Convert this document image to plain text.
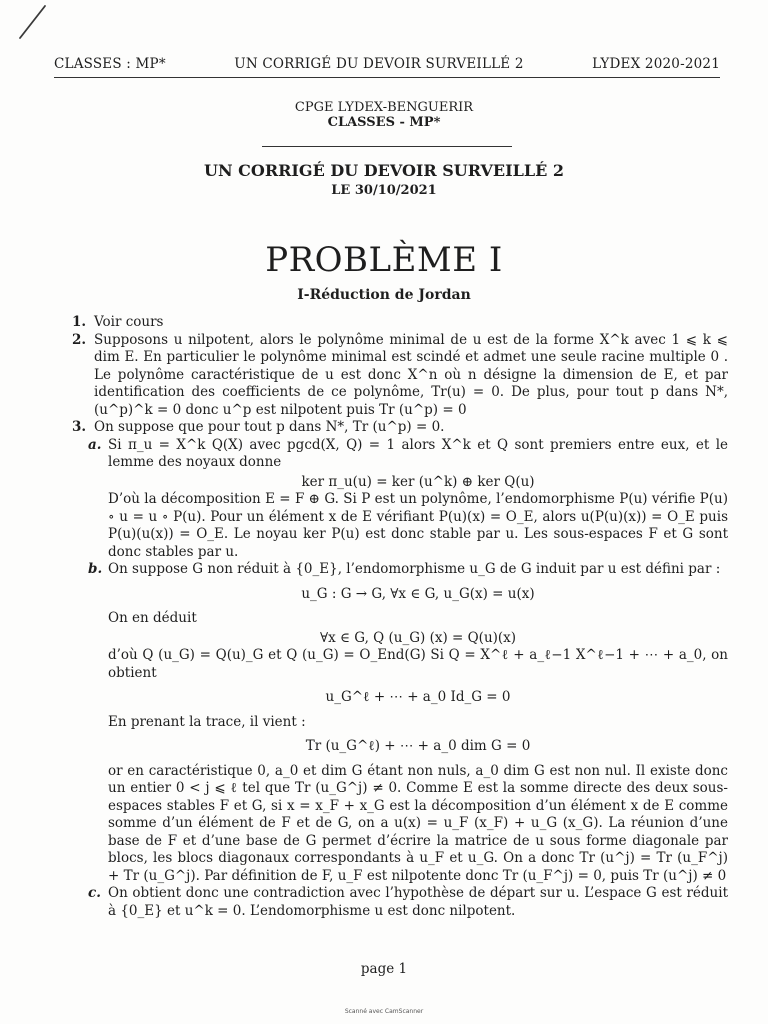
CLASSES : MP*	UN CORRIGÉ DU DEVOIR SURVEILLÉ 2	LYDEX 2020-2021
CPGE LYDEX-BENGUERIR
CLASSES - MP*
UN CORRIGÉ DU DEVOIR SURVEILLÉ 2
LE 30/10/2021
PROBLÈME I
I-Réduction de Jordan
1. Voir cours

2. Supposons u nilpotent, alors le polynôme minimal de u est de la forme X^k avec 1 ⩽ k ⩽ dim E. En particulier le polynôme minimal est scindé et admet une seule racine multiple 0 . Le polynôme caractéristique de u est donc X^n où n désigne la dimension de E, et par identification des coefficients de ce polynôme, Tr(u) = 0. De plus, pour tout p dans N*, (u^p)^k = 0 donc u^p est nilpotent puis Tr (u^p) = 0

3. On suppose que pour tout p dans N*, Tr (u^p) = 0.

a. Si π_u = X^k Q(X) avec pgcd(X, Q) = 1 alors X^k et Q sont premiers entre eux, et le lemme des noyaux donne

ker π_u(u) = ker (u^k) ⊕ ker Q(u)

D’où la décomposition E = F ⊕ G. Si P est un polynôme, l’endomorphisme P(u) vérifie P(u) ∘ u = u ∘ P(u). Pour un élément x de E vérifiant P(u)(x) = O_E, alors u(P(u)(x)) = O_E puis P(u)(u(x)) = O_E. Le noyau ker P(u) est donc stable par u. Les sous-espaces F et G sont donc stables par u.

b. On suppose G non réduit à {0_E}, l’endomorphisme u_G de G induit par u est défini par :

u_G : G → G, ∀x ∈ G, u_G(x) = u(x)

On en déduit

∀x ∈ G, Q (u_G) (x) = Q(u)(x)

d’où Q (u_G) = Q(u)_G et Q (u_G) = O_End(G) Si Q = X^ℓ + a_ℓ−1 X^ℓ−1 + ⋯ + a_0, on obtient

u_G^ℓ + ⋯ + a_0 Id_G = 0

En prenant la trace, il vient :

Tr (u_G^ℓ) + ⋯ + a_0 dim G = 0

or en caractéristique 0, a_0 et dim G étant non nuls, a_0 dim G est non nul. Il existe donc un entier 0 < j ⩽ ℓ tel que Tr (u_G^j) ≠ 0. Comme E est la somme directe des deux sous-espaces stables F et G, si x = x_F + x_G est la décomposition d’un élément x de E comme somme d’un élément de F et de G, on a u(x) = u_F (x_F) + u_G (x_G). La réunion d’une base de F et d’une base de G permet d’écrire la matrice de u sous forme diagonale par blocs, les blocs diagonaux correspondants à u_F et u_G. On a donc Tr (u^j) = Tr (u_F^j) + Tr (u_G^j). Par définition de F, u_F est nilpotente donc Tr (u_F^j) = 0, puis Tr (u^j) ≠ 0

c. On obtient donc une contradiction avec l’hypothèse de départ sur u. L’espace G est réduit à {0_E} et u^k = 0. L’endomorphisme u est donc nilpotent.

page 1
Scanné avec CamScanner
